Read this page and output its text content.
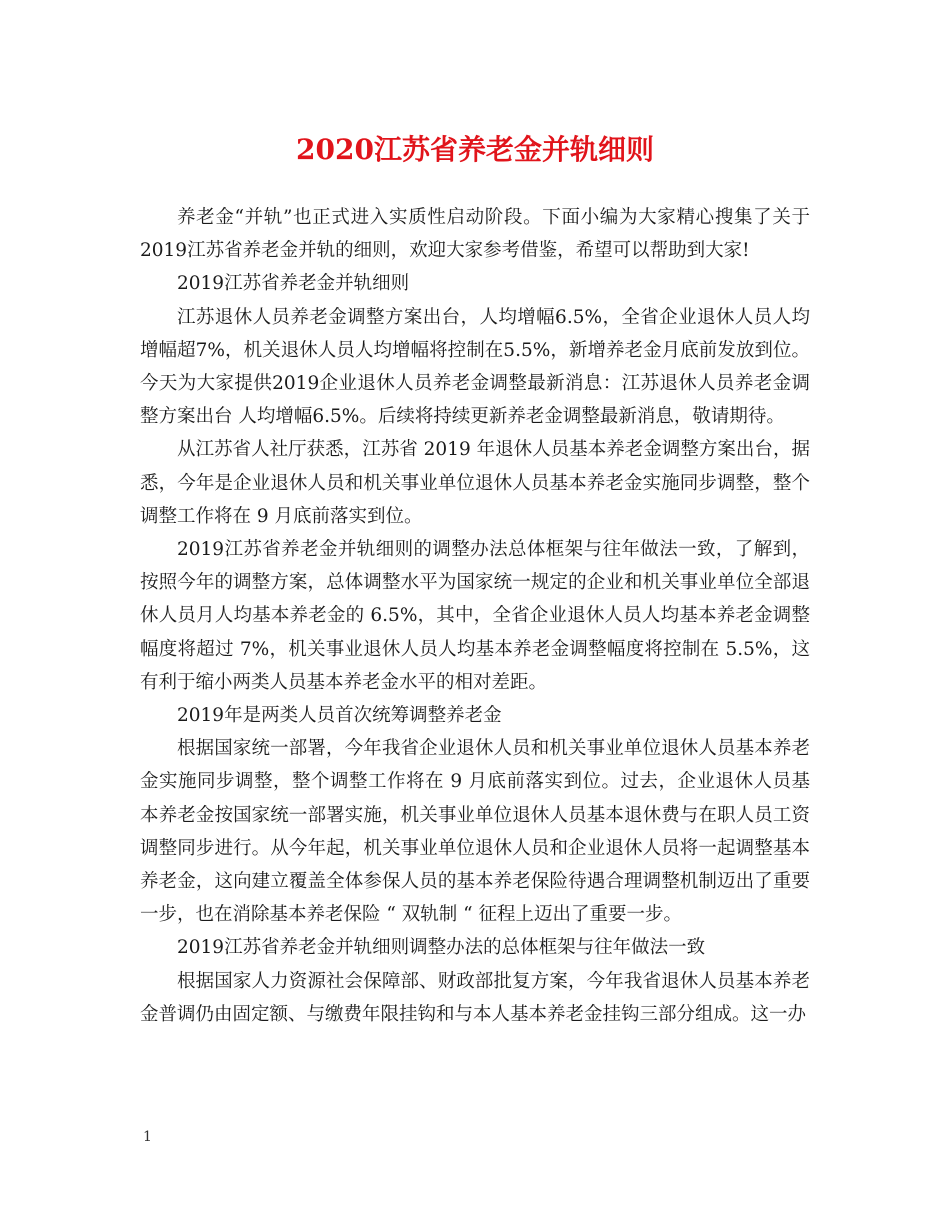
2020江苏省养老金并轨细则

养老金“并轨”也正式进入实质性启动阶段。下面小编为大家精心搜集了关于2019江苏省养老金并轨的细则，欢迎大家参考借鉴，希望可以帮助到大家!

2019江苏省养老金并轨细则

江苏退休人员养老金调整方案出台，人均增幅6.5%，全省企业退休人员人均增幅超7%，机关退休人员人均增幅将控制在5.5%，新增养老金月底前发放到位。今天为大家提供2019企业退休人员养老金调整最新消息：江苏退休人员养老金调整方案出台 人均增幅6.5%。后续将持续更新养老金调整最新消息，敬请期待。

从江苏省人社厅获悉，江苏省 2019 年退休人员基本养老金调整方案出台，据悉，今年是企业退休人员和机关事业单位退休人员基本养老金实施同步调整，整个调整工作将在 9 月底前落实到位。

2019江苏省养老金并轨细则的调整办法总体框架与往年做法一致，了解到，按照今年的调整方案，总体调整水平为国家统一规定的企业和机关事业单位全部退休人员月人均基本养老金的 6.5%，其中，全省企业退休人员人均基本养老金调整幅度将超过 7%，机关事业退休人员人均基本养老金调整幅度将控制在 5.5%，这有利于缩小两类人员基本养老金水平的相对差距。

2019年是两类人员首次统筹调整养老金

根据国家统一部署，今年我省企业退休人员和机关事业单位退休人员基本养老金实施同步调整，整个调整工作将在 9 月底前落实到位。过去，企业退休人员基本养老金按国家统一部署实施，机关事业单位退休人员基本退休费与在职人员工资调整同步进行。从今年起，机关事业单位退休人员和企业退休人员将一起调整基本养老金，这向建立覆盖全体参保人员的基本养老保险待遇合理调整机制迈出了重要一步，也在消除基本养老保险 “ 双轨制 “ 征程上迈出了重要一步。

2019江苏省养老金并轨细则调整办法的总体框架与往年做法一致

根据国家人力资源社会保障部、财政部批复方案，今年我省退休人员基本养老金普调仍由固定额、与缴费年限挂钩和与本人基本养老金挂钩三部分组成。这一办

1
